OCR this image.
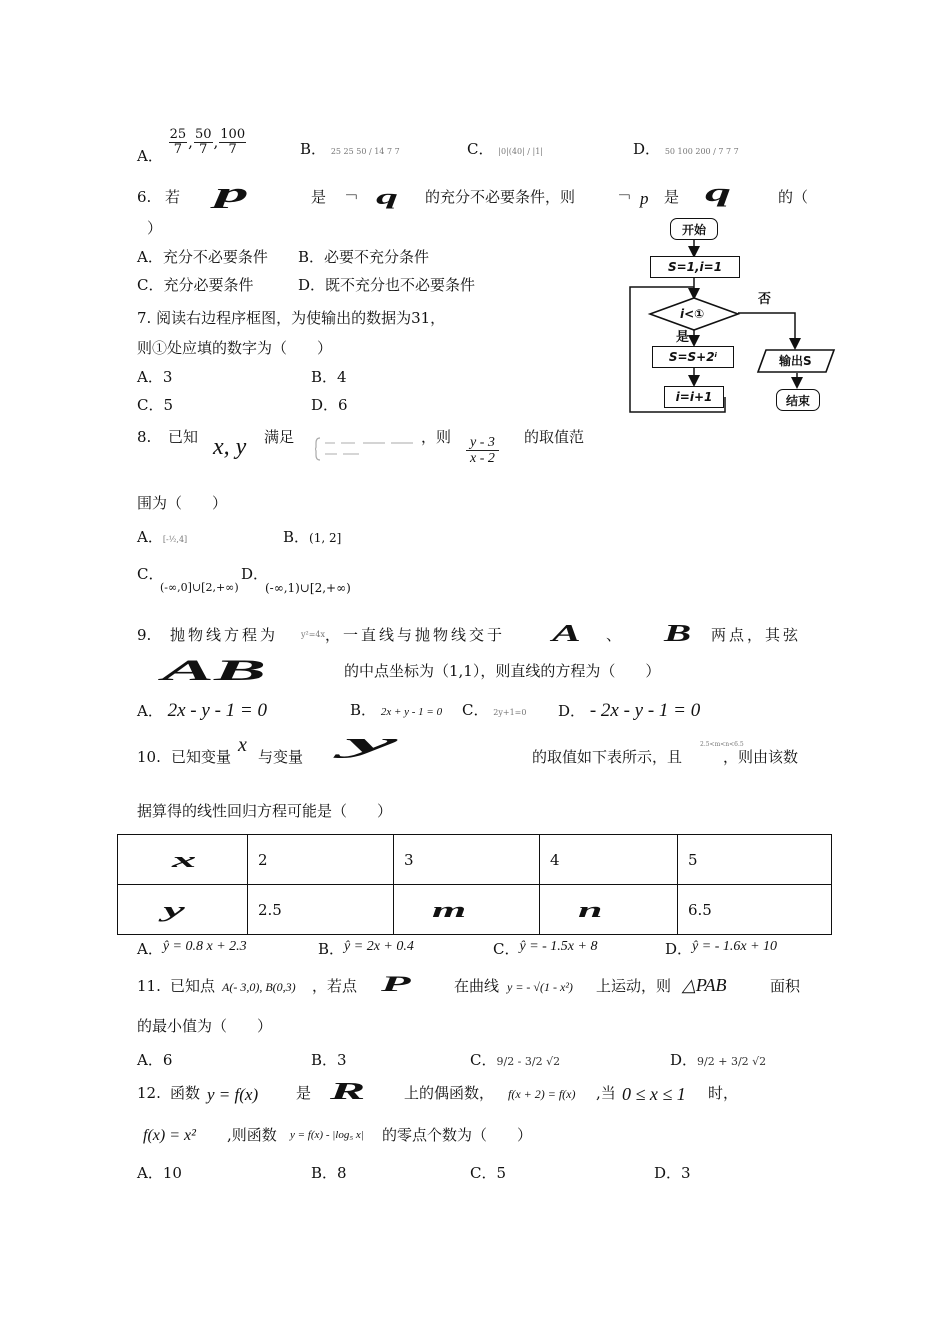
A． $\frac{25}{7}$ , $\frac{50}{7}$ , $\frac{100}{7}$	B． 25 25 50 / 14 7 7	C． |0|(40| / |1|	D． 50 100 200 / 7 7 7
6. 若 p	是 ￢ q 的充分不必要条件，则	￢ p 是 q	的（
）
A．充分不必要条件 B．必要不充分条件
C．充分必要条件	D．既不充分也不必要条件
7. 阅读右边程序框图，为使输出的数据为31，
则①处应填的数字为（　　）
A．3	B．4
C．5	D．6
开始
S=1,i=1
i<①
否
是
S=S+2ⁱ
i=i+1
输出S
结束
8. 已知 x, y 满足	，则 $\frac{y - 3}{x - 2}$ 的取值范
围为（　　）
A．[-½,4]	B．(1, 2]
C．
(-∞,0]∪[2,+∞)
D．
(-∞,1)∪[2,+∞)
9. 抛物线方程为	y²=4x ，一直线与抛物线交于 A 、 B 两点，其弦
AB	的中点坐标为（1,1），则直线的方程为（　　）
A． 2x - y - 1 = 0	B． 2x + y - 1 = 0 C． 2y+1=0 D． - 2x - y - 1 = 0
10. 已知变量
x
与变量 y	的取值如下表所示，且
2.5<m<n<6.5
，则由该数
据算得的线性回归方程可能是（　　）
x	2	3	4	5
y	2.5	m	n	6.5
A．ŷ = 0.8 x + 2.3	B．ŷ = 2x + 0.4	C．ŷ = - 1.5x + 8	D．ŷ = - 1.6x + 10
11. 已知点 A(- 3,0), B(0,3) ，若点 P	在曲线 y = - √(1 - x²) 上运动，则 △PAB	面积
的最小值为（　　）
A．6	B．3	C．9/2 - 3/2 √2	D．9/2 + 3/2 √2
12. 函数 y = f(x)	是 R	上的偶函数， f(x + 2) = f(x) ,当 0 ≤ x ≤ 1 时，
f(x) = x² ,则函数 y = f(x) - |log₅ x| 的零点个数为（　　）
A．10	B．8	C．5	D．3
